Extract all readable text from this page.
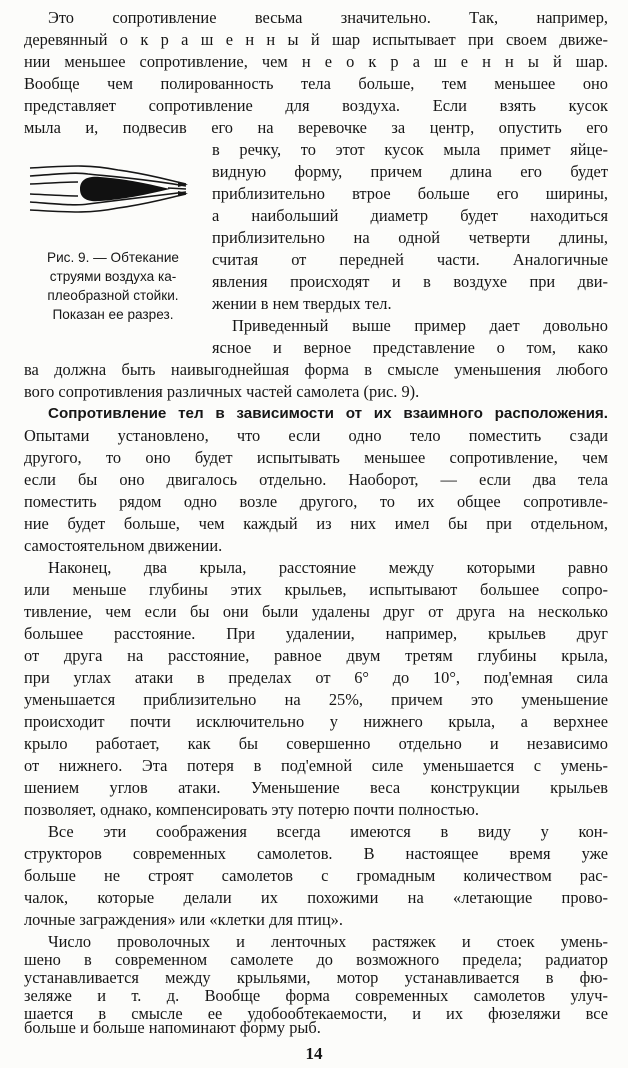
Это сопротивление весьма значительно. Так, например,
деревянный о к р а ш е н н ы й шар испытывает при своем движе-
нии меньшее сопротивление, чем н е о к р а ш е н н ы й шар.
Вообще чем полированность тела больше, тем меньшее оно
представляет сопротивление для воздуха. Если взять кусок
мыла и, подвесив его на веревочке за центр, опустить его
в речку, то этот кусок мыла примет яйце-
видную форму, причем длина его будет
приблизительно втрое больше его ширины,
а наибольший диаметр будет находиться
приблизительно на одной четверти длины,
считая от передней части. Аналогичные
явления происходят и в воздухе при дви-
жении в нем твердых тел.
Приведенный выше пример дает довольно
ясное и верное представление о том, како
Рис. 9. — Обтекание
струями воздуха ка-
плеобразной стойки.
Показан ее разрез.
ва должна быть наивыгоднейшая форма в смысле уменьшения любого
вого сопротивления различных частей самолета (рис. 9).
Сопротивление тел в зависимости от их взаимного расположения.
Опытами установлено, что если одно тело поместить сзади
другого, то оно будет испытывать меньшее сопротивление, чем
если бы оно двигалось отдельно. Наоборот, — если два тела
поместить рядом одно возле другого, то их общее сопротивле-
ние будет больше, чем каждый из них имел бы при отдельном,
самостоятельном движении.
Наконец, два крыла, расстояние между которыми равно
или меньше глубины этих крыльев, испытывают большее сопро-
тивление, чем если бы они были удалены друг от друга на несколько
большее расстояние. При удалении, например, крыльев друг
от друга на расстояние, равное двум третям глубины крыла,
при углах атаки в пределах от 6° до 10°, под'емная сила
уменьшается приблизительно на 25%, причем это уменьшение
происходит почти исключительно у нижнего крыла, а верхнее
крыло работает, как бы совершенно отдельно и независимо
от нижнего. Эта потеря в под'емной силе уменьшается с умень-
шением углов атаки. Уменьшение веса конструкции крыльев
позволяет, однако, компенсировать эту потерю почти полностью.
Все эти соображения всегда имеются в виду у кон-
структоров современных самолетов. В настоящее время уже
больше не строят самолетов с громадным количеством рас-
чалок, которые делали их похожими на «летающие прово-
лочные заграждения» или «клетки для птиц».
Число проволочных и ленточных растяжек и стоек умень-
шено в современном самолете до возможного предела; радиатор
устанавливается между крыльями, мотор устанавливается в фю-
зеляже и т. д. Вообще форма современных самолетов улуч-
14
шается в смысле ее удобообтекаемости, и их фюзеляжи все
больше и больше напоминают форму рыб.
